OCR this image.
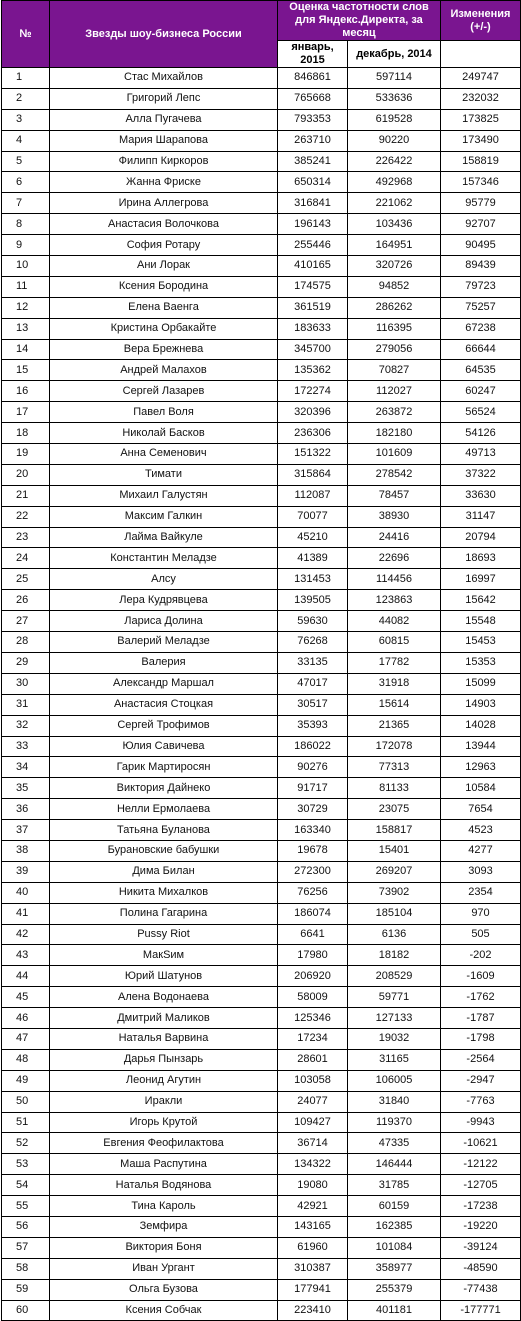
№	Звезды шоу-бизнеса России	Оценка частотности слов для Яндекс.Директа, за месяц		Изменения (+/-)
		январь, 2015	декабрь, 2014	
1	Стас Михайлов	846861	597114	249747
2	Григорий Лепс	765668	533636	232032
3	Алла Пугачева	793353	619528	173825
4	Мария Шарапова	263710	90220	173490
5	Филипп Киркоров	385241	226422	158819
6	Жанна Фриске	650314	492968	157346
7	Ирина Аллегрова	316841	221062	95779
8	Анастасия Волочкова	196143	103436	92707
9	София Ротару	255446	164951	90495
10	Ани Лорак	410165	320726	89439
11	Ксения Бородина	174575	94852	79723
12	Елена Ваенга	361519	286262	75257
13	Кристина Орбакайте	183633	116395	67238
14	Вера Брежнева	345700	279056	66644
15	Андрей Малахов	135362	70827	64535
16	Сергей Лазарев	172274	112027	60247
17	Павел Воля	320396	263872	56524
18	Николай Басков	236306	182180	54126
19	Анна Семенович	151322	101609	49713
20	Тимати	315864	278542	37322
21	Михаил Галустян	112087	78457	33630
22	Максим Галкин	70077	38930	31147
23	Лайма Вайкуле	45210	24416	20794
24	Константин Меладзе	41389	22696	18693
25	Алсу	131453	114456	16997
26	Лера Кудрявцева	139505	123863	15642
27	Лариса Долина	59630	44082	15548
28	Валерий Меладзе	76268	60815	15453
29	Валерия	33135	17782	15353
30	Александр Маршал	47017	31918	15099
31	Анастасия Стоцкая	30517	15614	14903
32	Сергей Трофимов	35393	21365	14028
33	Юлия Савичева	186022	172078	13944
34	Гарик Мартиросян	90276	77313	12963
35	Виктория Дайнеко	91717	81133	10584
36	Нелли Ермолаева	30729	23075	7654
37	Татьяна Буланова	163340	158817	4523
38	Бурановские бабушки	19678	15401	4277
39	Дима Билан	272300	269207	3093
40	Никита Михалков	76256	73902	2354
41	Полина Гагарина	186074	185104	970
42	Pussy Riot	6641	6136	505
43	МакSим	17980	18182	-202
44	Юрий Шатунов	206920	208529	-1609
45	Алена Водонаева	58009	59771	-1762
46	Дмитрий Маликов	125346	127133	-1787
47	Наталья Варвина	17234	19032	-1798
48	Дарья Пынзарь	28601	31165	-2564
49	Леонид Агутин	103058	106005	-2947
50	Иракли	24077	31840	-7763
51	Игорь Крутой	109427	119370	-9943
52	Евгения Феофилактова	36714	47335	-10621
53	Маша Распутина	134322	146444	-12122
54	Наталья Водянова	19080	31785	-12705
55	Тина Кароль	42921	60159	-17238
56	Земфира	143165	162385	-19220
57	Виктория Боня	61960	101084	-39124
58	Иван Ургант	310387	358977	-48590
59	Ольга Бузова	177941	255379	-77438
60	Ксения Собчак	223410	401181	-177771
